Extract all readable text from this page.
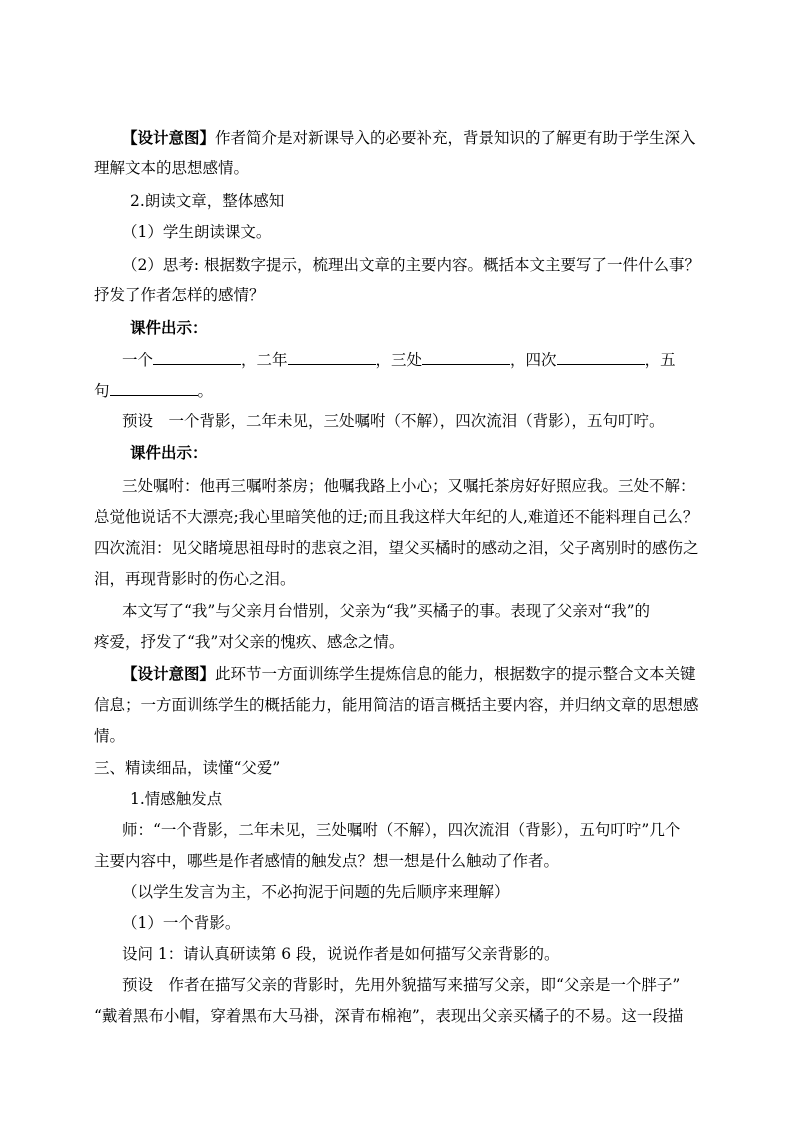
【设计意图】作者简介是对新课导入的必要补充，背景知识的了解更有助于学生深入
理解文本的思想感情。
2.朗读文章，整体感知
（1）学生朗读课文。
（2）思考: 根据数字提示，梳理出文章的主要内容。概括本文主要写了一件什么事？
抒发了作者怎样的感情？
课件出示：
一个	，二年	，三处	，四次	，五
句	。
预设　一个背影，二年未见，三处嘱咐（不解），四次流泪（背影），五句叮咛。
课件出示：
三处嘱咐：他再三嘱咐茶房；他嘱我路上小心；又嘱托茶房好好照应我。三处不解：
总觉他说话不大漂亮;我心里暗笑他的迂;而且我这样大年纪的人,难道还不能料理自己么？
四次流泪：见父睹境思祖母时的悲哀之泪，望父买橘时的感动之泪，父子离别时的感伤之
泪，再现背影时的伤心之泪。
本文写了“我”与父亲月台惜别，父亲为“我”买橘子的事。表现了父亲对“我”的
疼爱，抒发了“我”对父亲的愧疚、感念之情。
【设计意图】此环节一方面训练学生提炼信息的能力，根据数字的提示整合文本关键
信息；一方面训练学生的概括能力，能用简洁的语言概括主要内容，并归纳文章的思想感
情。
三、精读细品，读懂“父爱”
1.情感触发点
师：“一个背影，二年未见，三处嘱咐（不解），四次流泪（背影），五句叮咛”几个
主要内容中，哪些是作者感情的触发点？想一想是什么触动了作者。
（以学生发言为主，不必拘泥于问题的先后顺序来理解）
（1）一个背影。
设问 1：请认真研读第 6 段，说说作者是如何描写父亲背影的。
预设　作者在描写父亲的背影时，先用外貌描写来描写父亲，即“父亲是一个胖子”
“戴着黑布小帽，穿着黑布大马褂，深青布棉袍”，表现出父亲买橘子的不易。这一段描
